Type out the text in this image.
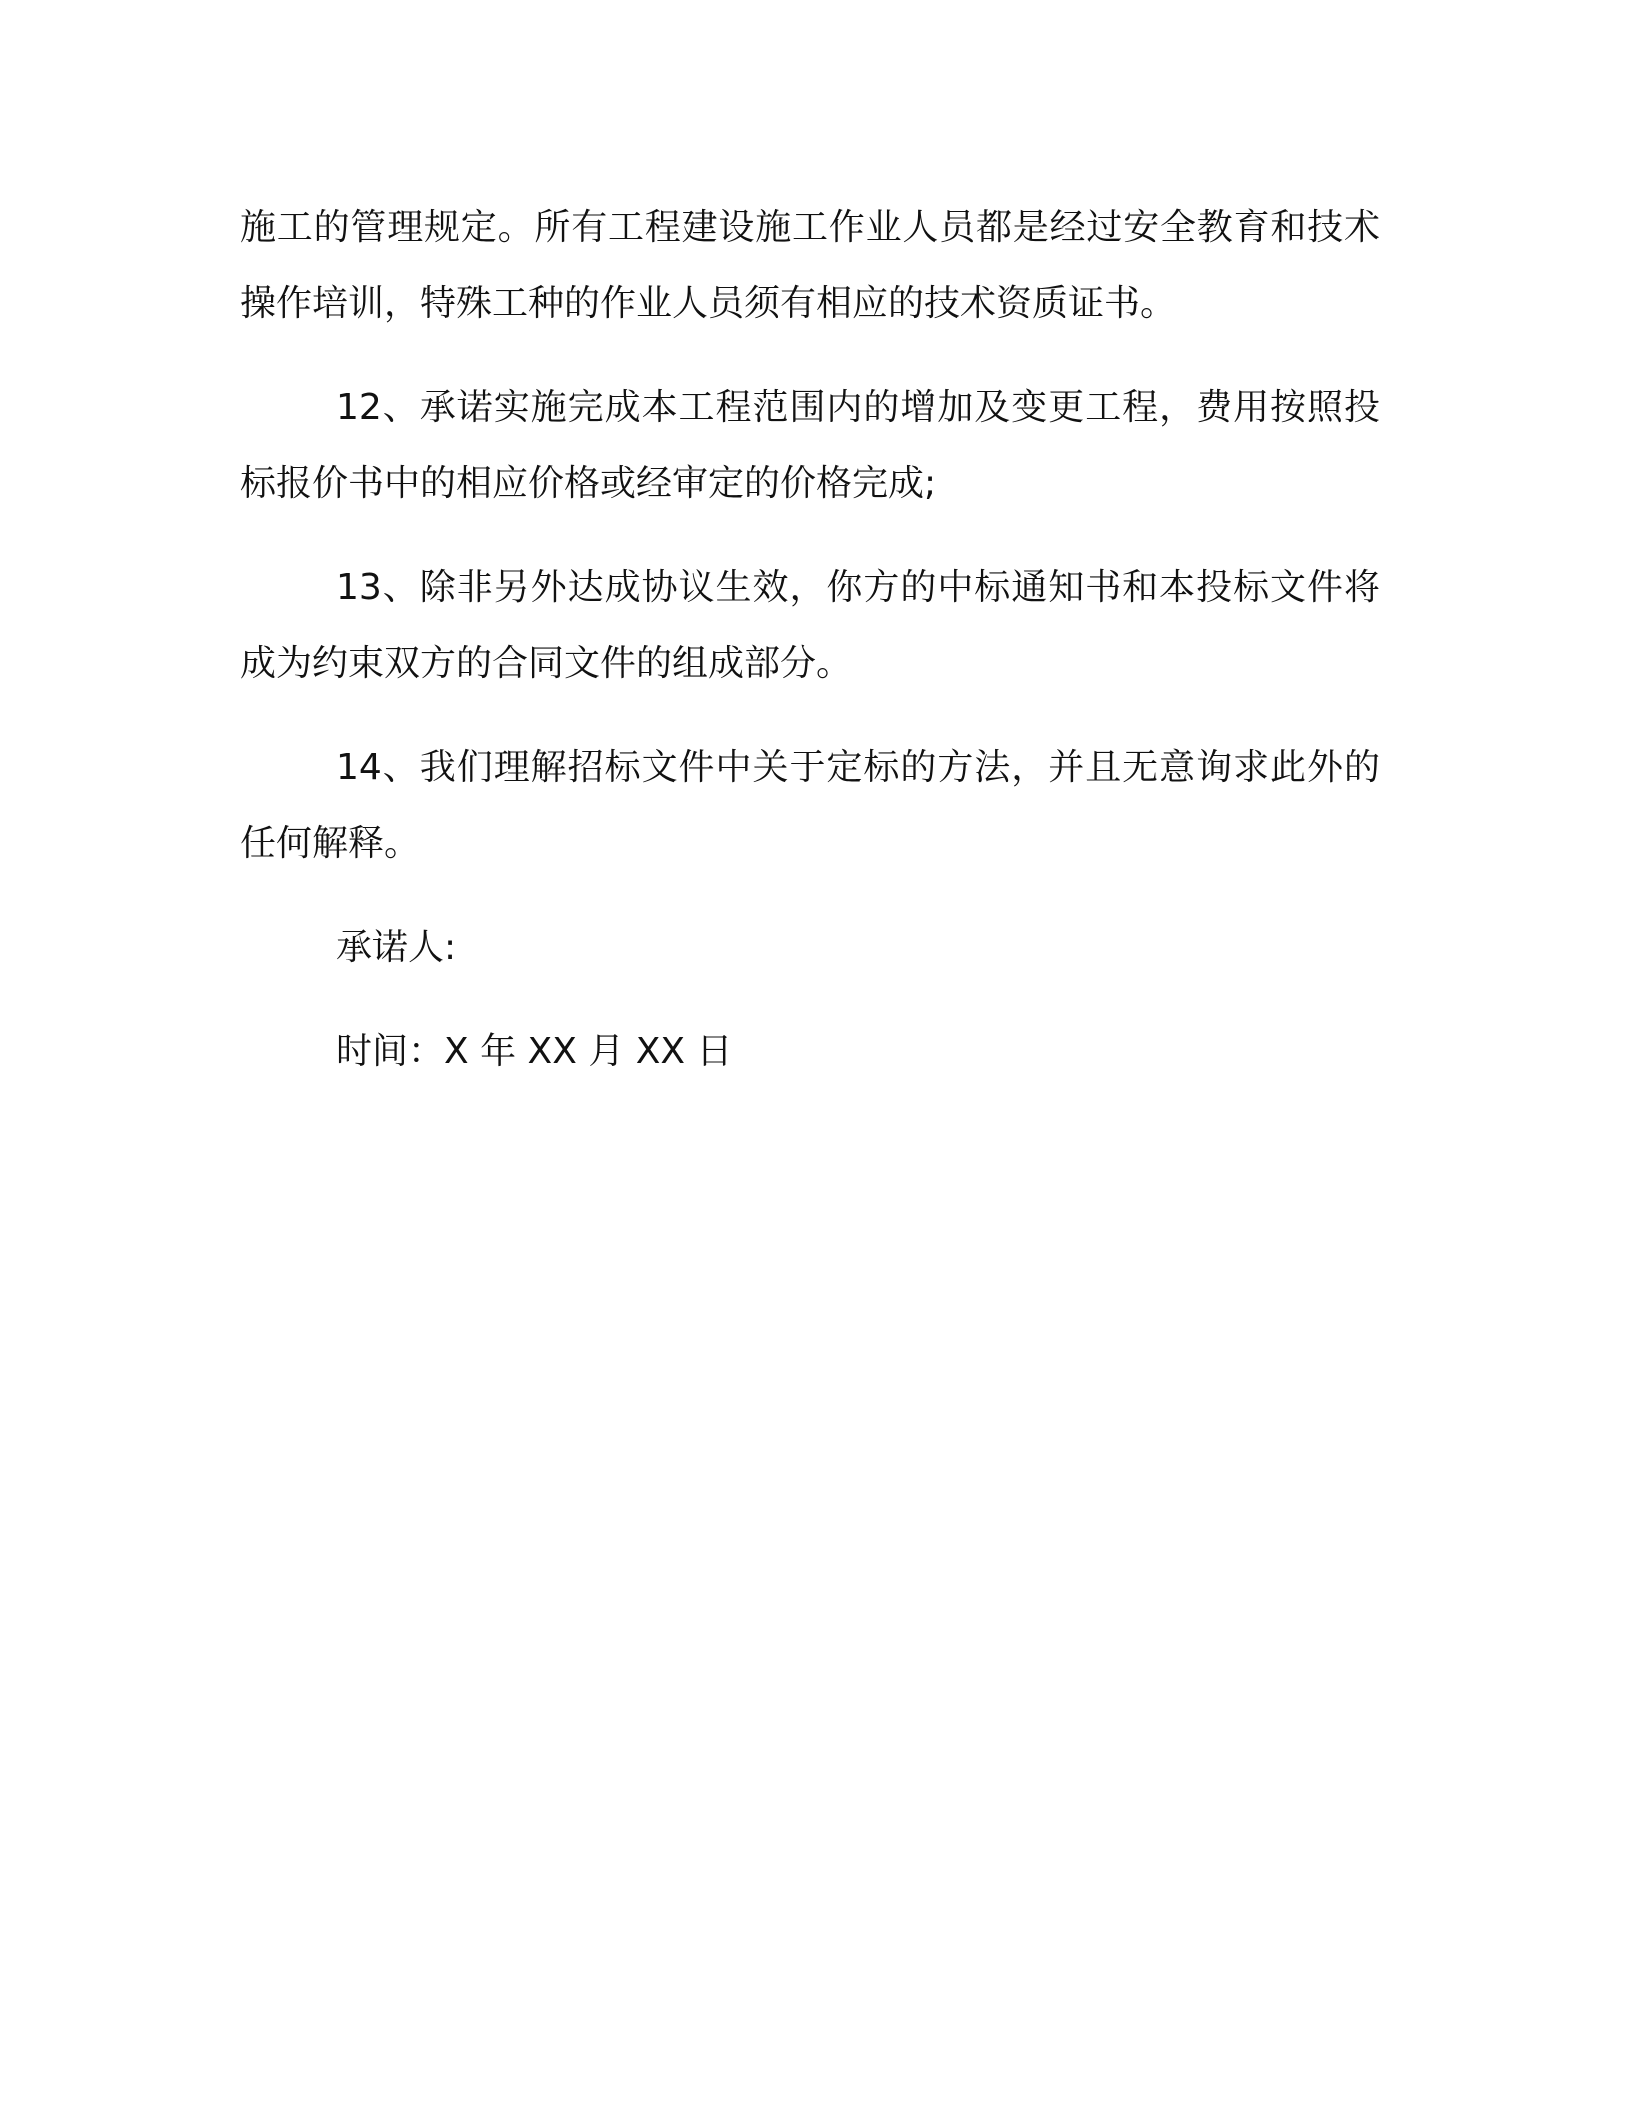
施工的管理规定。所有工程建设施工作业人员都是经过安全教育和技术操作培训，特殊工种的作业人员须有相应的技术资质证书。

12、承诺实施完成本工程范围内的增加及变更工程，费用按照投标报价书中的相应价格或经审定的价格完成;

13、除非另外达成协议生效，你方的中标通知书和本投标文件将成为约束双方的合同文件的组成部分。

14、我们理解招标文件中关于定标的方法，并且无意询求此外的任何解释。

承诺人:

时间：X 年 XX 月 XX 日
